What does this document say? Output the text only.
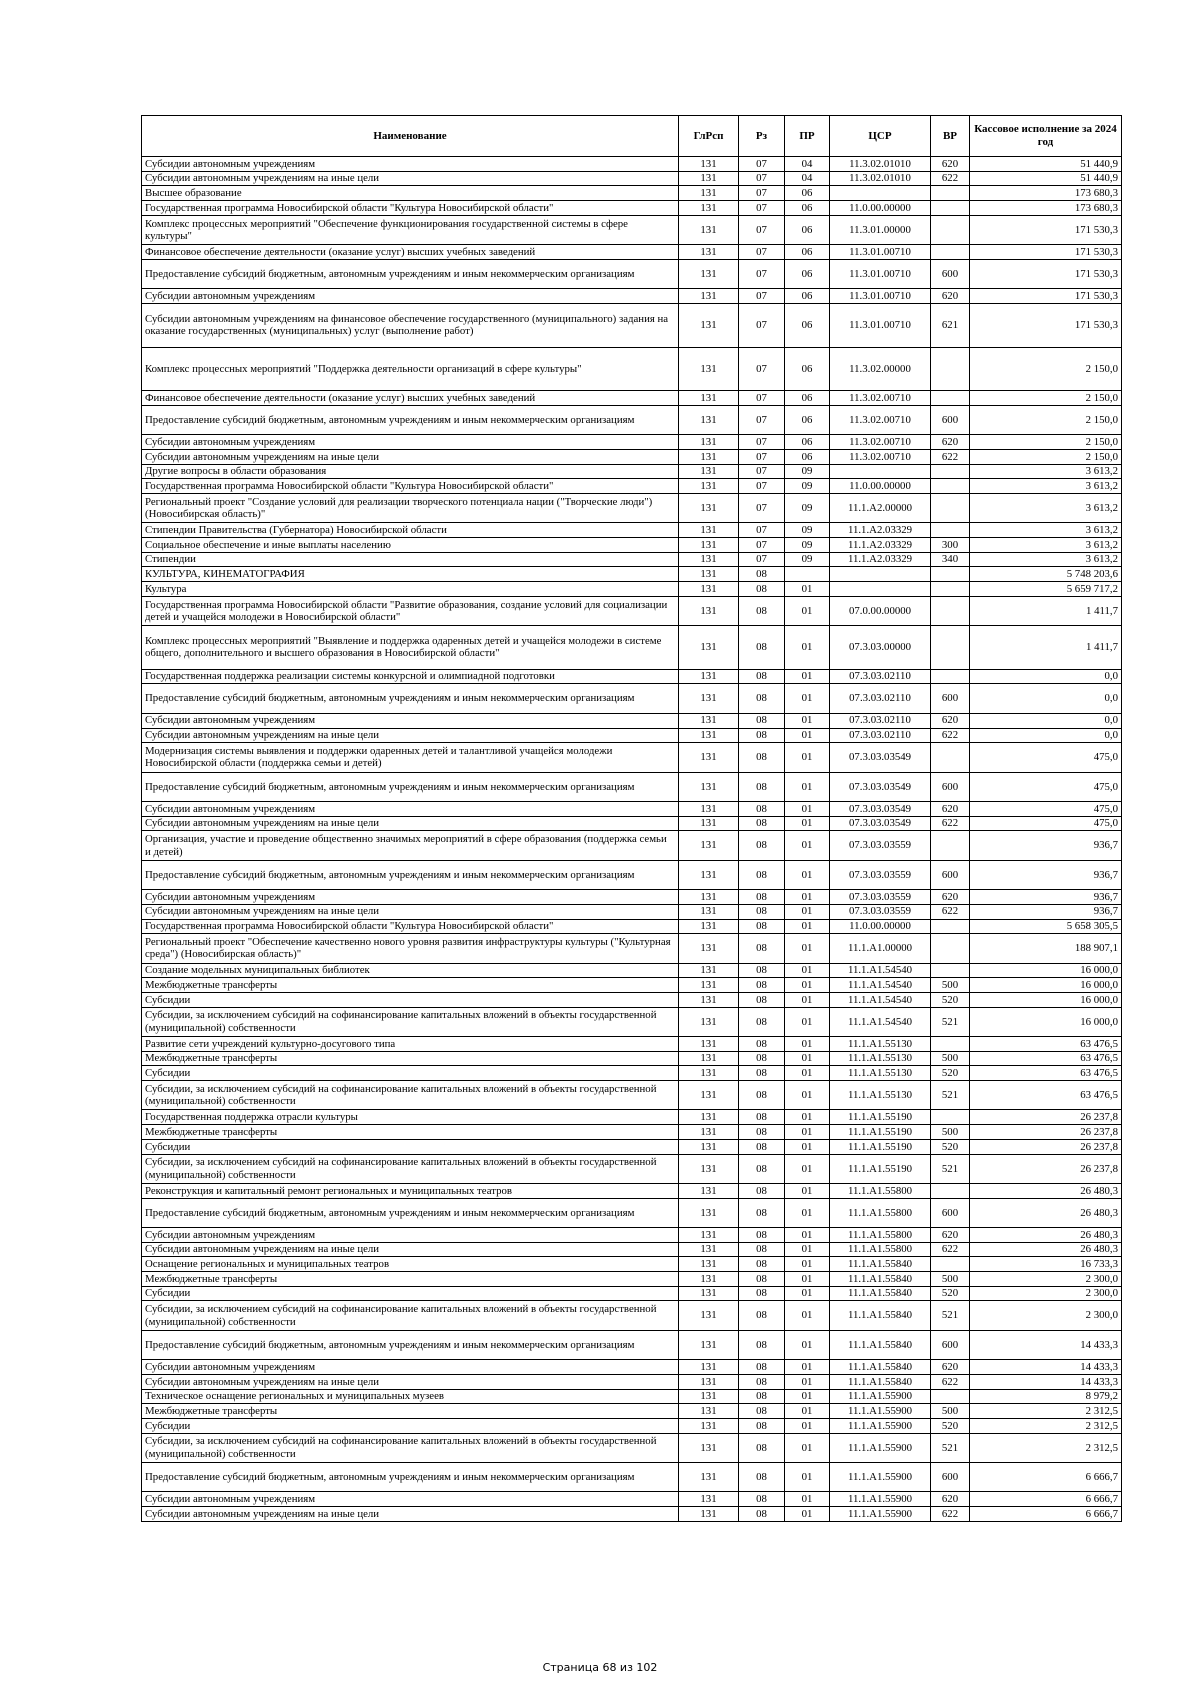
Наименование	ГлРсп	Рз	ПР	ЦСР	ВР	Кассовое исполнение за 2024 год
Субсидии автономным учреждениям	131	07	04	11.3.02.01010	620	51 440,9
Субсидии автономным учреждениям на иные цели	131	07	04	11.3.02.01010	622	51 440,9
Высшее образование	131	07	06			173 680,3
Государственная программа Новосибирской области "Культура Новосибирской области"	131	07	06	11.0.00.00000		173 680,3
Комплекс процессных мероприятий "Обеспечение функционирования государственной системы в сфере культуры"	131	07	06	11.3.01.00000		171 530,3
Финансовое обеспечение деятельности (оказание услуг) высших учебных заведений	131	07	06	11.3.01.00710		171 530,3
Предоставление субсидий бюджетным, автономным учреждениям и иным некоммерческим организациям	131	07	06	11.3.01.00710	600	171 530,3
Субсидии автономным учреждениям	131	07	06	11.3.01.00710	620	171 530,3
Субсидии автономным учреждениям на финансовое обеспечение государственного (муниципального) задания на оказание государственных (муниципальных) услуг (выполнение работ)	131	07	06	11.3.01.00710	621	171 530,3
Комплекс процессных мероприятий "Поддержка деятельности организаций в сфере культуры"	131	07	06	11.3.02.00000		2 150,0
Финансовое обеспечение деятельности (оказание услуг) высших учебных заведений	131	07	06	11.3.02.00710		2 150,0
Предоставление субсидий бюджетным, автономным учреждениям и иным некоммерческим организациям	131	07	06	11.3.02.00710	600	2 150,0
Субсидии автономным учреждениям	131	07	06	11.3.02.00710	620	2 150,0
Субсидии автономным учреждениям на иные цели	131	07	06	11.3.02.00710	622	2 150,0
Другие вопросы в области образования	131	07	09			3 613,2
Государственная программа Новосибирской области "Культура Новосибирской области"	131	07	09	11.0.00.00000		3 613,2
Региональный проект "Создание условий для реализации творческого потенциала нации ("Творческие люди") (Новосибирская область)"	131	07	09	11.1.А2.00000		3 613,2
Стипендии Правительства (Губернатора) Новосибирской области	131	07	09	11.1.А2.03329		3 613,2
Социальное обеспечение и иные выплаты населению	131	07	09	11.1.А2.03329	300	3 613,2
Стипендии	131	07	09	11.1.А2.03329	340	3 613,2
КУЛЬТУРА, КИНЕМАТОГРАФИЯ	131	08				5 748 203,6
Культура	131	08	01			5 659 717,2
Государственная программа Новосибирской области "Развитие образования, создание условий для социализации детей и учащейся молодежи в Новосибирской области"	131	08	01	07.0.00.00000		1 411,7
Комплекс процессных мероприятий "Выявление и поддержка одаренных детей и учащейся молодежи в системе общего, дополнительного и высшего образования в Новосибирской области"	131	08	01	07.3.03.00000		1 411,7
Государственная поддержка реализации системы конкурсной и олимпиадной подготовки	131	08	01	07.3.03.02110		0,0
Предоставление субсидий бюджетным, автономным учреждениям и иным некоммерческим организациям	131	08	01	07.3.03.02110	600	0,0
Субсидии автономным учреждениям	131	08	01	07.3.03.02110	620	0,0
Субсидии автономным учреждениям на иные цели	131	08	01	07.3.03.02110	622	0,0
Модернизация системы выявления и поддержки одаренных детей и талантливой учащейся молодежи Новосибирской области (поддержка семьи и детей)	131	08	01	07.3.03.03549		475,0
Предоставление субсидий бюджетным, автономным учреждениям и иным некоммерческим организациям	131	08	01	07.3.03.03549	600	475,0
Субсидии автономным учреждениям	131	08	01	07.3.03.03549	620	475,0
Субсидии автономным учреждениям на иные цели	131	08	01	07.3.03.03549	622	475,0
Организация, участие и проведение общественно значимых мероприятий в сфере образования (поддержка семьи и детей)	131	08	01	07.3.03.03559		936,7
Предоставление субсидий бюджетным, автономным учреждениям и иным некоммерческим организациям	131	08	01	07.3.03.03559	600	936,7
Субсидии автономным учреждениям	131	08	01	07.3.03.03559	620	936,7
Субсидии автономным учреждениям на иные цели	131	08	01	07.3.03.03559	622	936,7
Государственная программа Новосибирской области "Культура Новосибирской области"	131	08	01	11.0.00.00000		5 658 305,5
Региональный проект "Обеспечение качественно нового уровня развития инфраструктуры культуры ("Культурная среда") (Новосибирская область)"	131	08	01	11.1.А1.00000		188 907,1
Создание модельных муниципальных библиотек	131	08	01	11.1.А1.54540		16 000,0
Межбюджетные трансферты	131	08	01	11.1.А1.54540	500	16 000,0
Субсидии	131	08	01	11.1.А1.54540	520	16 000,0
Субсидии, за исключением субсидий на софинансирование капитальных вложений в объекты государственной (муниципальной) собственности	131	08	01	11.1.А1.54540	521	16 000,0
Развитие сети учреждений культурно-досугового типа	131	08	01	11.1.А1.55130		63 476,5
Межбюджетные трансферты	131	08	01	11.1.А1.55130	500	63 476,5
Субсидии	131	08	01	11.1.А1.55130	520	63 476,5
Субсидии, за исключением субсидий на софинансирование капитальных вложений в объекты государственной (муниципальной) собственности	131	08	01	11.1.А1.55130	521	63 476,5
Государственная поддержка отрасли культуры	131	08	01	11.1.А1.55190		26 237,8
Межбюджетные трансферты	131	08	01	11.1.А1.55190	500	26 237,8
Субсидии	131	08	01	11.1.А1.55190	520	26 237,8
Субсидии, за исключением субсидий на софинансирование капитальных вложений в объекты государственной (муниципальной) собственности	131	08	01	11.1.А1.55190	521	26 237,8
Реконструкция и капитальный ремонт региональных и муниципальных театров	131	08	01	11.1.А1.55800		26 480,3
Предоставление субсидий бюджетным, автономным учреждениям и иным некоммерческим организациям	131	08	01	11.1.А1.55800	600	26 480,3
Субсидии автономным учреждениям	131	08	01	11.1.А1.55800	620	26 480,3
Субсидии автономным учреждениям на иные цели	131	08	01	11.1.А1.55800	622	26 480,3
Оснащение региональных и муниципальных театров	131	08	01	11.1.А1.55840		16 733,3
Межбюджетные трансферты	131	08	01	11.1.А1.55840	500	2 300,0
Субсидии	131	08	01	11.1.А1.55840	520	2 300,0
Субсидии, за исключением субсидий на софинансирование капитальных вложений в объекты государственной (муниципальной) собственности	131	08	01	11.1.А1.55840	521	2 300,0
Предоставление субсидий бюджетным, автономным учреждениям и иным некоммерческим организациям	131	08	01	11.1.А1.55840	600	14 433,3
Субсидии автономным учреждениям	131	08	01	11.1.А1.55840	620	14 433,3
Субсидии автономным учреждениям на иные цели	131	08	01	11.1.А1.55840	622	14 433,3
Техническое оснащение региональных и муниципальных музеев	131	08	01	11.1.А1.55900		8 979,2
Межбюджетные трансферты	131	08	01	11.1.А1.55900	500	2 312,5
Субсидии	131	08	01	11.1.А1.55900	520	2 312,5
Субсидии, за исключением субсидий на софинансирование капитальных вложений в объекты государственной (муниципальной) собственности	131	08	01	11.1.А1.55900	521	2 312,5
Предоставление субсидий бюджетным, автономным учреждениям и иным некоммерческим организациям	131	08	01	11.1.А1.55900	600	6 666,7
Субсидии автономным учреждениям	131	08	01	11.1.А1.55900	620	6 666,7
Субсидии автономным учреждениям на иные цели	131	08	01	11.1.А1.55900	622	6 666,7
Страница 68 из 102
